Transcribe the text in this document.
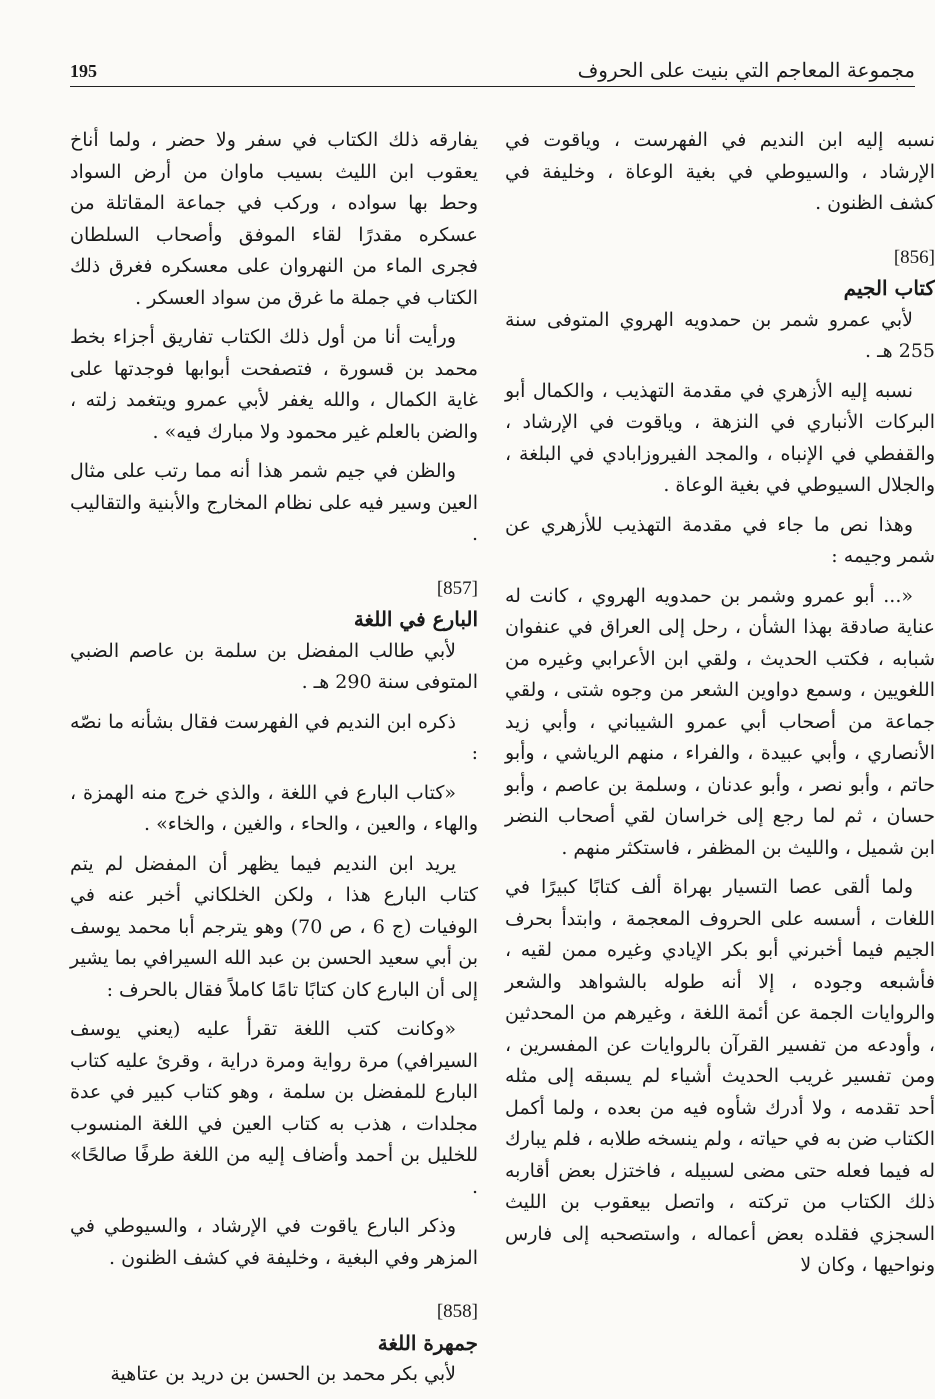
195	مجموعة المعاجم التي بنيت على الحروف

نسبه إليه ابن النديم في الفهرست ، وياقوت في الإرشاد ، والسيوطي في بغية الوعاة ، وخليفة في كشف الظنون .

[856]
كتاب الجيم

لأبي عمرو شمر بن حمدويه الهروي المتوفى سنة 255 هـ .

نسبه إليه الأزهري في مقدمة التهذيب ، والكمال أبو البركات الأنباري في النزهة ، وياقوت في الإرشاد ، والقفطي في الإنباه ، والمجد الفيروزابادي في البلغة ، والجلال السيوطي في بغية الوعاة .

وهذا نص ما جاء في مقدمة التهذيب للأزهري عن شمر وجيمه :

«... أبو عمرو وشمر بن حمدويه الهروي ، كانت له عناية صادقة بهذا الشأن ، رحل إلى العراق في عنفوان شبابه ، فكتب الحديث ، ولقي ابن الأعرابي وغيره من اللغويين ، وسمع دواوين الشعر من وجوه شتى ، ولقي جماعة من أصحاب أبي عمرو الشيباني ، وأبي زيد الأنصاري ، وأبي عبيدة ، والفراء ، منهم الرياشي ، وأبو حاتم ، وأبو نصر ، وأبو عدنان ، وسلمة بن عاصم ، وأبو حسان ، ثم لما رجع إلى خراسان لقي أصحاب النضر ابن شميل ، والليث بن المظفر ، فاستكثر منهم .

ولما ألقى عصا التسيار بهراة ألف كتابًا كبيرًا في اللغات ، أسسه على الحروف المعجمة ، وابتدأ بحرف الجيم فيما أخبرني أبو بكر الإيادي وغيره ممن لقيه ، فأشبعه وجوده ، إلا أنه طوله بالشواهد والشعر والروايات الجمة عن أئمة اللغة ، وغيرهم من المحدثين ، وأودعه من تفسير القرآن بالروايات عن المفسرين ، ومن تفسير غريب الحديث أشياء لم يسبقه إلى مثله أحد تقدمه ، ولا أدرك شأوه فيه من بعده ، ولما أكمل الكتاب ضن به في حياته ، ولم ينسخه طلابه ، فلم يبارك له فيما فعله حتى مضى لسبيله ، فاختزل بعض أقاربه ذلك الكتاب من تركته ، واتصل بيعقوب بن الليث السجزي فقلده بعض أعماله ، واستصحبه إلى فارس ونواحيها ، وكان لا

يفارقه ذلك الكتاب في سفر ولا حضر ، ولما أناخ يعقوب ابن الليث بسيب ماوان من أرض السواد وحط بها سواده ، وركب في جماعة المقاتلة من عسكره مقدرًا لقاء الموفق وأصحاب السلطان فجرى الماء من النهروان على معسكره فغرق ذلك الكتاب في جملة ما غرق من سواد العسكر .

ورأيت أنا من أول ذلك الكتاب تفاريق أجزاء بخط محمد بن قسورة ، فتصفحت أبوابها فوجدتها على غاية الكمال ، والله يغفر لأبي عمرو ويتغمد زلته ، والضن بالعلم غير محمود ولا مبارك فيه» .

والظن في جيم شمر هذا أنه مما رتب على مثال العين وسير فيه على نظام المخارج والأبنية والتقاليب .

[857]
البارع في اللغة

لأبي طالب المفضل بن سلمة بن عاصم الضبي المتوفى سنة 290 هـ .

ذكره ابن النديم في الفهرست فقال بشأنه ما نصّه :

«كتاب البارع في اللغة ، والذي خرج منه الهمزة ، والهاء ، والعين ، والحاء ، والغين ، والخاء» .

يريد ابن النديم فيما يظهر أن المفضل لم يتم كتاب البارع هذا ، ولكن الخلكاني أخبر عنه في الوفيات (ج 6 ، ص 70) وهو يترجم أبا محمد يوسف بن أبي سعيد الحسن بن عبد الله السيرافي بما يشير إلى أن البارع كان كتابًا تامًا كاملاً فقال بالحرف :

«وكانت كتب اللغة تقرأ عليه (يعني يوسف السيرافي) مرة رواية ومرة دراية ، وقرئ عليه كتاب البارع للمفضل بن سلمة ، وهو كتاب كبير في عدة مجلدات ، هذب به كتاب العين في اللغة المنسوب للخليل بن أحمد وأضاف إليه من اللغة طرفًا صالحًا» .

وذكر البارع ياقوت في الإرشاد ، والسيوطي في المزهر وفي البغية ، وخليفة في كشف الظنون .

[858]
جمهرة اللغة

لأبي بكر محمد بن الحسن بن دريد بن عتاهية
